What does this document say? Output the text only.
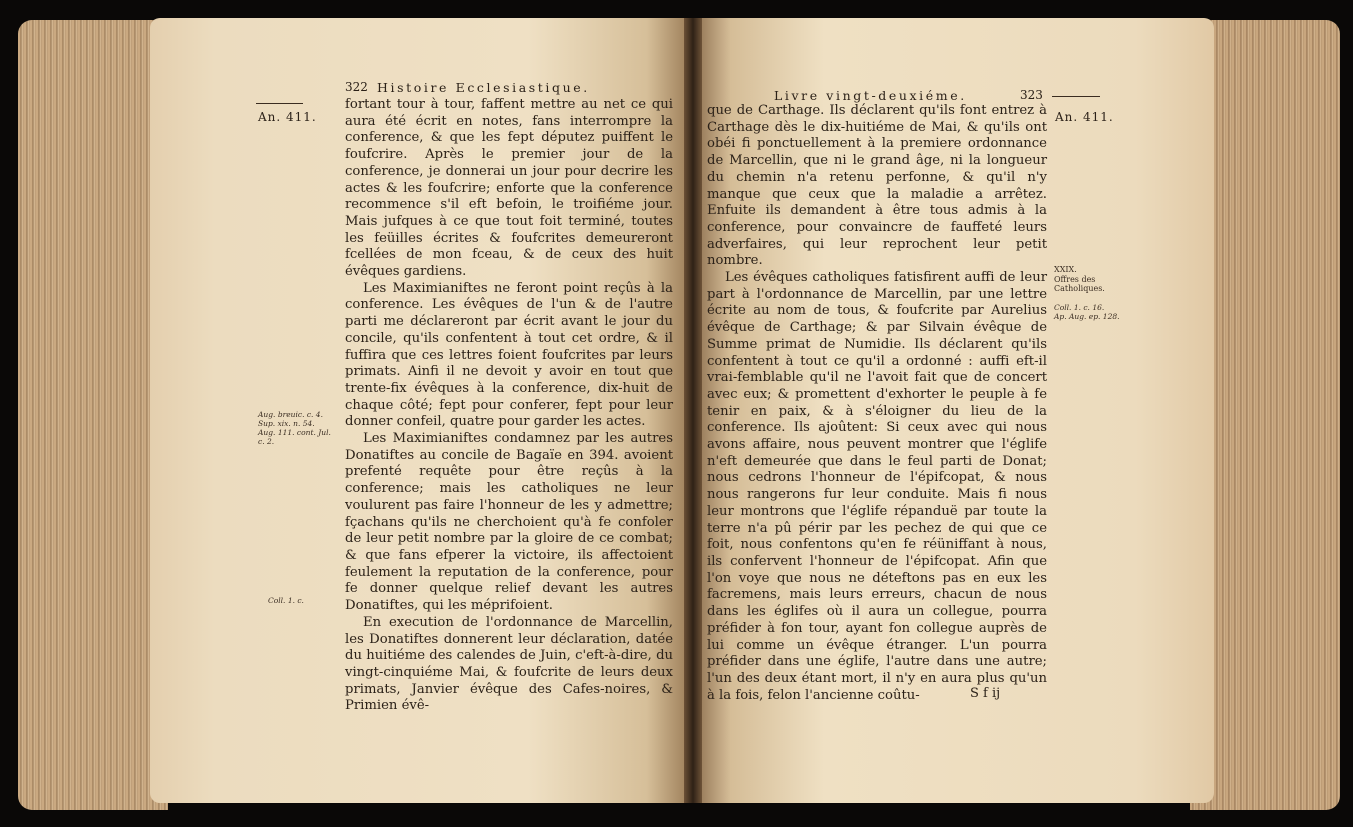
An. 411.
322 Histoire Ecclesiastique.

fortant tour à tour, faffent mettre au net ce qui aura été écrit en notes, fans interrompre la conference, & que les fept députez puiffent le foufcrire. Après le premier jour de la conference, je donnerai un jour pour decrire les actes & les foufcrire; enforte que la conference recommence s'il eft befoin, le troifiéme jour. Mais jufques à ce que tout foit terminé, toutes les feüilles écrites & foufcrites demeureront fcellées de mon fceau, & de ceux des huit évêques gardiens.

Les Maximianiftes ne feront point reçûs à la conference. Les évêques de l'un & de l'autre parti me déclareront par écrit avant le jour du concile, qu'ils confentent à tout cet ordre, & il fuffira que ces lettres foient foufcrites par leurs primats. Ainfi il ne devoit y avoir en tout que trente-fix évêques à la conference, dix-huit de chaque côté; fept pour conferer, fept pour leur donner confeil, quatre pour garder les actes.

Les Maximianiftes condamnez par les autres Donatiftes au concile de Bagaïe en 394. avoient prefenté requête pour être reçûs à la conference; mais les catholiques ne leur voulurent pas faire l'honneur de les y admettre; fçachans qu'ils ne cherchoient qu'à fe confoler de leur petit nombre par la gloire de ce combat; & que fans efperer la victoire, ils affectoient feulement la reputation de la conference, pour fe donner quelque relief devant les autres Donatiftes, qui les méprifoient.

En execution de l'ordonnance de Marcellin, les Donatiftes donnerent leur déclaration, datée du huitiéme des calendes de Juin, c'eft-à-dire, du vingt-cinquiéme Mai, & foufcrite de leurs deux primats, Janvier évêque des Cafes-noires, & Primien évê-

Aug. breuic. c. 4.
Sup. xix. n. 54.
Aug. 111. cont. Jul. c. 2.
Coll. 1. c.
Livre vingt-deuxiéme.	323
An. 411.

que de Carthage. Ils déclarent qu'ils font entrez à Carthage dès le dix-huitiéme de Mai, & qu'ils ont obéi fi ponctuellement à la premiere ordonnance de Marcellin, que ni le grand âge, ni la longueur du chemin n'a retenu perfonne, & qu'il n'y manque que ceux que la maladie a arrêtez. Enfuite ils demandent à être tous admis à la conference, pour convaincre de fauffeté leurs adverfaires, qui leur reprochent leur petit nombre.

Les évêques catholiques fatisfirent auffi de leur part à l'ordonnance de Marcellin, par une lettre écrite au nom de tous, & foufcrite par Aurelius évêque de Carthage; & par Silvain évêque de Summe primat de Numidie. Ils déclarent qu'ils confentent à tout ce qu'il a ordonné : auffi eft-il vrai-femblable qu'il ne l'avoit fait que de concert avec eux; & promettent d'exhorter le peuple à fe tenir en paix, & à s'éloigner du lieu de la conference. Ils ajoûtent: Si ceux avec qui nous avons affaire, nous peuvent montrer que l'églife n'eft demeurée que dans le feul parti de Donat; nous cedrons l'honneur de l'épifcopat, & nous nous rangerons fur leur conduite. Mais fi nous leur montrons que l'églife répanduë par toute la terre n'a pû périr par les pechez de qui que ce foit, nous confentons qu'en fe réüniffant à nous, ils confervent l'honneur de l'épifcopat. Afin que l'on voye que nous ne déteftons pas en eux les facremens, mais leurs erreurs, chacun de nous dans les églifes où il aura un collegue, pourra préfider à fon tour, ayant fon collegue auprès de lui comme un évêque étranger. L'un pourra préfider dans une églife, l'autre dans une autre; l'un des deux étant mort, il n'y en aura plus qu'un à la fois, felon l'ancienne coûtu-

XXIX.
Offres des Catholiques.

Coll. 1. c. 16.
Ap. Aug. ep. 128.

S f ij
